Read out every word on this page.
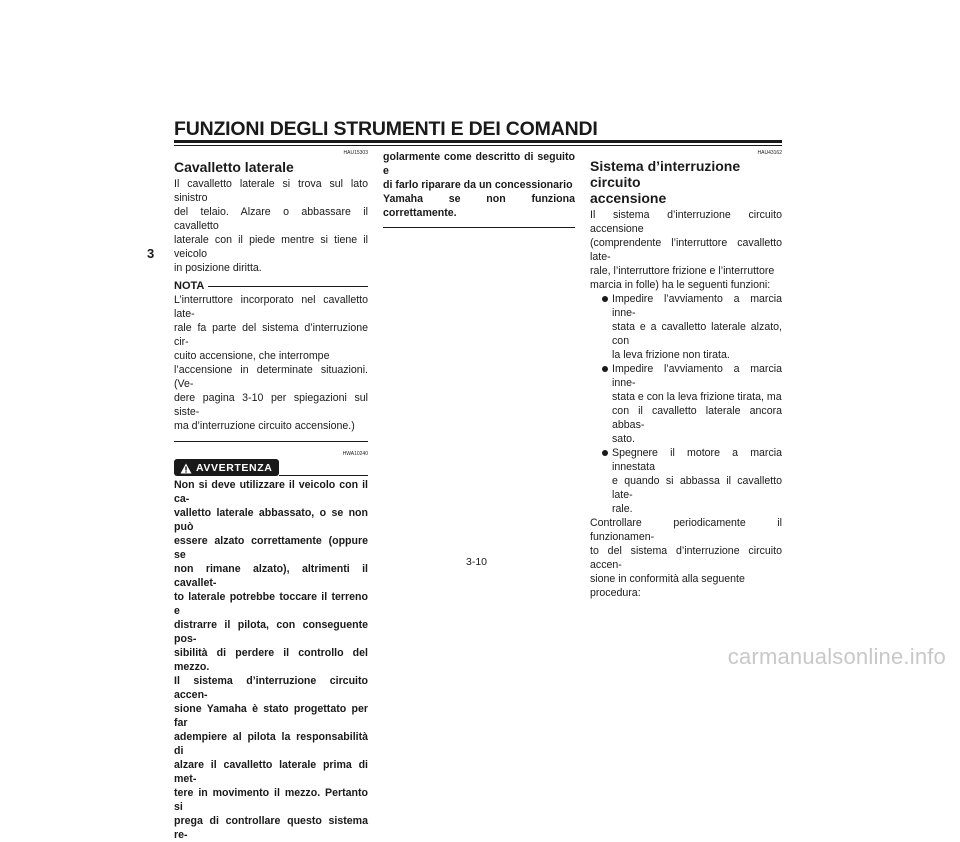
FUNZIONI DEGLI STRUMENTI E DEI COMANDI
3
HAU15303
Cavalletto laterale

Il cavalletto laterale si trova sul lato sinistro
del telaio. Alzare o abbassare il cavalletto
laterale con il piede mentre si tiene il veicolo
in posizione diritta.

NOTA

L’interruttore incorporato nel cavalletto late-
rale fa parte del sistema d’interruzione cir-
cuito accensione, che interrompe
l’accensione in determinate situazioni. (Ve-
dere pagina 3-10 per spiegazioni sul siste-
ma d’interruzione circuito accensione.)

HWA10240
AVVERTENZA

Non si deve utilizzare il veicolo con il ca-
valletto laterale abbassato, o se non può
essere alzato correttamente (oppure se
non rimane alzato), altrimenti il cavallet-
to laterale potrebbe toccare il terreno e
distrarre il pilota, con conseguente pos-
sibilità di perdere il controllo del mezzo.
Il sistema d’interruzione circuito accen-
sione Yamaha è stato progettato per far
adempiere al pilota la responsabilità di
alzare il cavalletto laterale prima di met-
tere in movimento il mezzo. Pertanto si
prega di controllare questo sistema re-

golarmente come descritto di seguito e
di farlo riparare da un concessionario
Yamaha se non funziona correttamente.

HAU43162
Sistema d’interruzione circuito
accensione

Il sistema d’interruzione circuito accensione
(comprendente l’interruttore cavalletto late-
rale, l’interruttore frizione e l’interruttore
marcia in folle) ha le seguenti funzioni:

Impedire l’avviamento a marcia inne-
stata e a cavalletto laterale alzato, con
la leva frizione non tirata.
Impedire l’avviamento a marcia inne-
stata e con la leva frizione tirata, ma
con il cavalletto laterale ancora abbas-
sato.
Spegnere il motore a marcia innestata
e quando si abbassa il cavalletto late-
rale.

Controllare periodicamente il funzionamen-
to del sistema d’interruzione circuito accen-
sione in conformità alla seguente
procedura:

3-10
carmanualsonline.info
